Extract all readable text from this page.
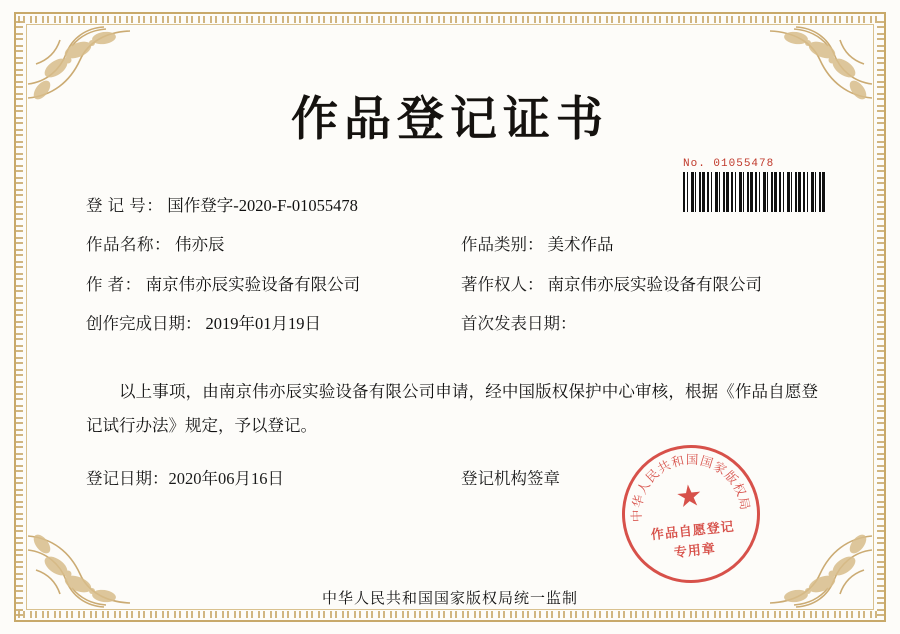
作品登记证书
No. 01055478
登 记 号： 国作登字-2020-F-01055478
作品名称： 伟亦辰	作品类别： 美术作品
作 者： 南京伟亦辰实验设备有限公司	著作权人： 南京伟亦辰实验设备有限公司
创作完成日期： 2019年01月19日	首次发表日期：
以上事项，由南京伟亦辰实验设备有限公司申请，经中国版权保护中心审核，根据《作品自愿登记试行办法》规定，予以登记。
登记日期：2020年06月16日	登记机构签章
中华人民共和国国家版权局
★
作品自愿登记
专用章
中华人民共和国国家版权局统一监制
